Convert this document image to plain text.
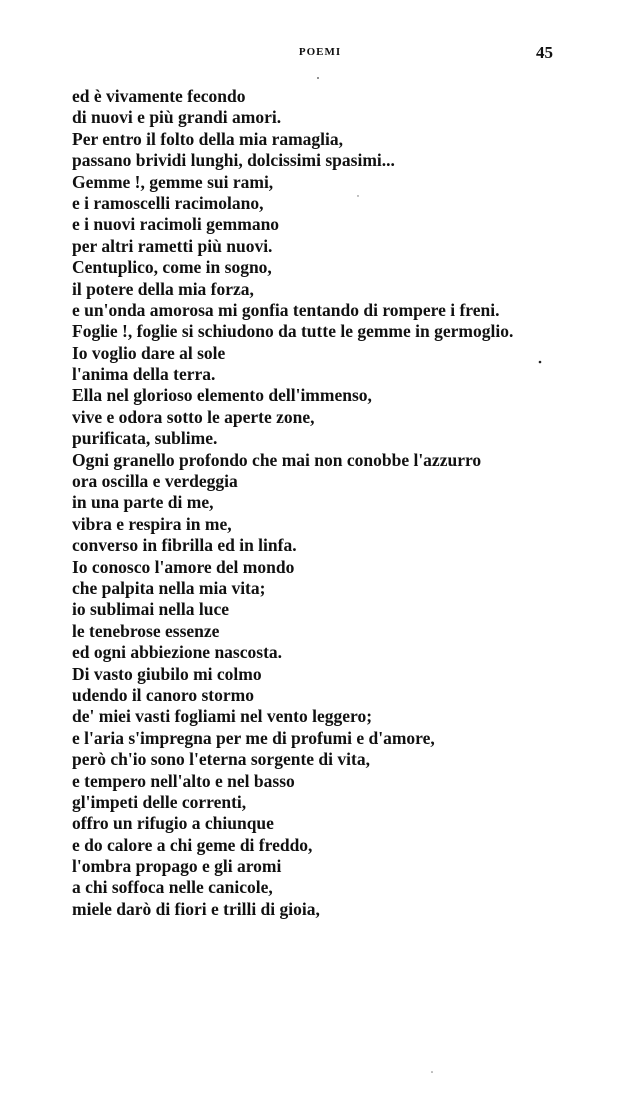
POEMI	45
ed è vivamente fecondo
di nuovi e più grandi amori.
Per entro il folto della mia ramaglia,
passano brividi lunghi, dolcissimi spasimi...
Gemme !, gemme sui rami,
e i ramoscelli racimolano,
e i nuovi racimoli gemmano
per altri rametti più nuovi.
Centuplico, come in sogno,
il potere della mia forza,
e un'onda amorosa mi gonfia tentando di rompere i freni.
Foglie !, foglie si schiudono da tutte le gemme in germoglio.
Io voglio dare al sole
l'anima della terra.
Ella nel glorioso elemento dell'immenso,
vive e odora sotto le aperte zone,
purificata, sublime.
Ogni granello profondo che mai non conobbe l'azzurro
ora oscilla e verdeggia
in una parte di me,
vibra e respira in me,
converso in fibrilla ed in linfa.
Io conosco l'amore del mondo
che palpita nella mia vita;
io sublimai nella luce
le tenebrose essenze
ed ogni abbiezione nascosta.
Di vasto giubilo mi colmo
udendo il canoro stormo
de' miei vasti fogliami nel vento leggero;
e l'aria s'impregna per me di profumi e d'amore,
però ch'io sono l'eterna sorgente di vita,
e tempero nell'alto e nel basso
gl'impeti delle correnti,
offro un rifugio a chiunque
e do calore a chi geme di freddo,
l'ombra propago e gli aromi
a chi soffoca nelle canicole,
miele darò di fiori e trilli di gioia,
